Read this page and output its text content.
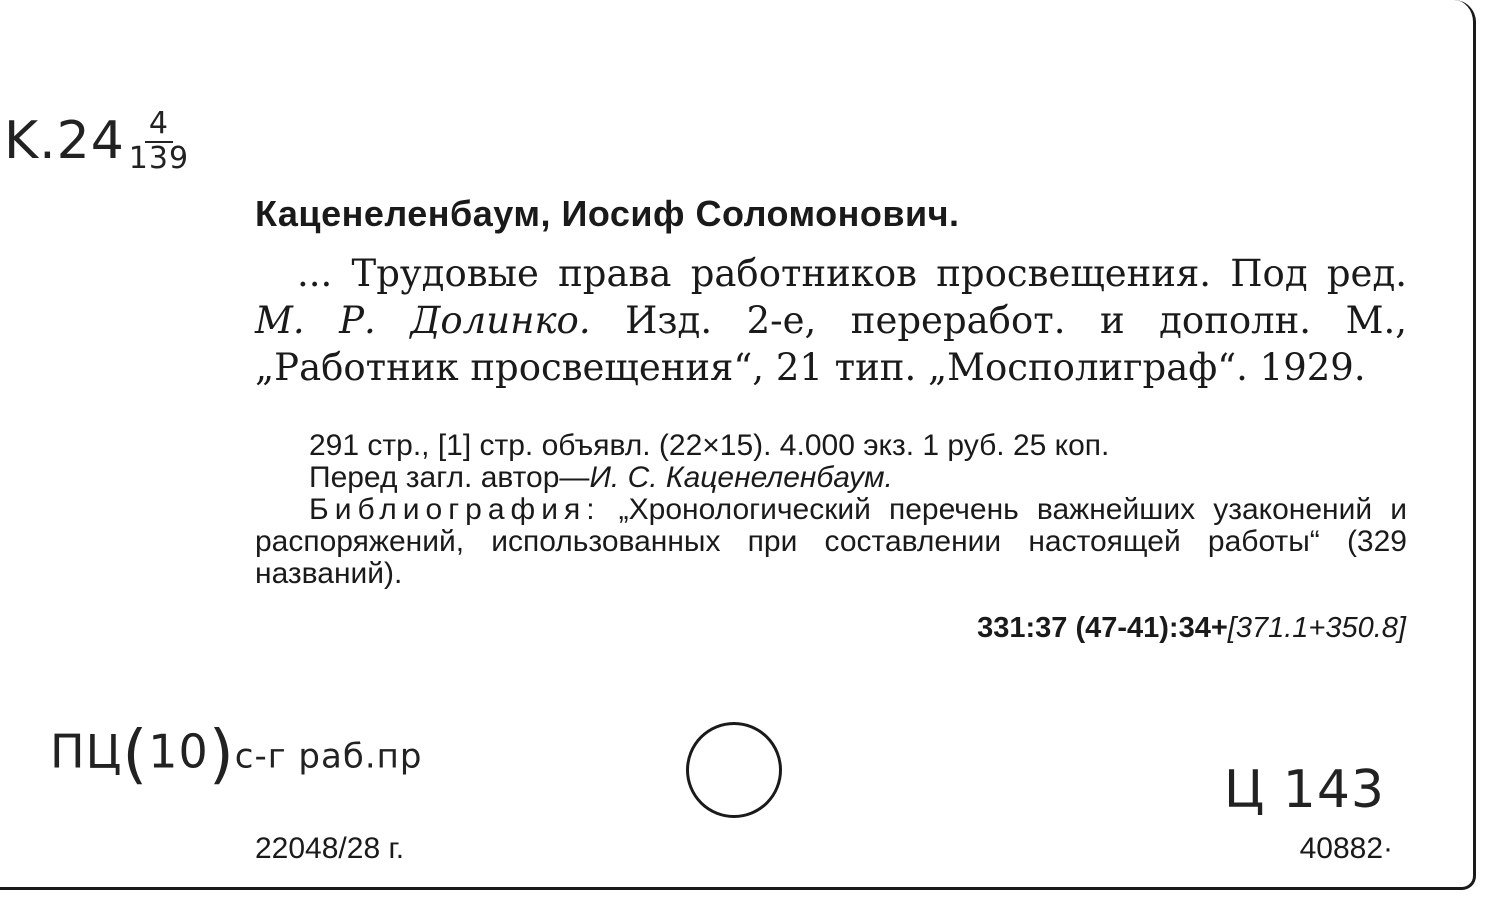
$K.24 \frac{4}{139}$
Каценеленбаум, Иосиф Соломонович.
... Трудовые права работников просвещения. Под ред. М. Р. Долинко. Изд. 2-е, переработ. и дополн. М., „Работник просвещения“, 21 тип. „Мосполиграф“. 1929.

291 стр., [1] стр. объявл. (22×15). 4.000 экз. 1 руб. 25 коп.

Перед загл. автор—И. С. Каценеленбаум.

Библиография: „Хронологический перечень важнейших узаконений и распоряжений, использованных при составлении настоящей работы“ (329 названий).

331:37 (47-41):34+[371.1+350.8]
ПЦ(10)с-г раб.пр
Ц 143
22048/28 г.	40882·
